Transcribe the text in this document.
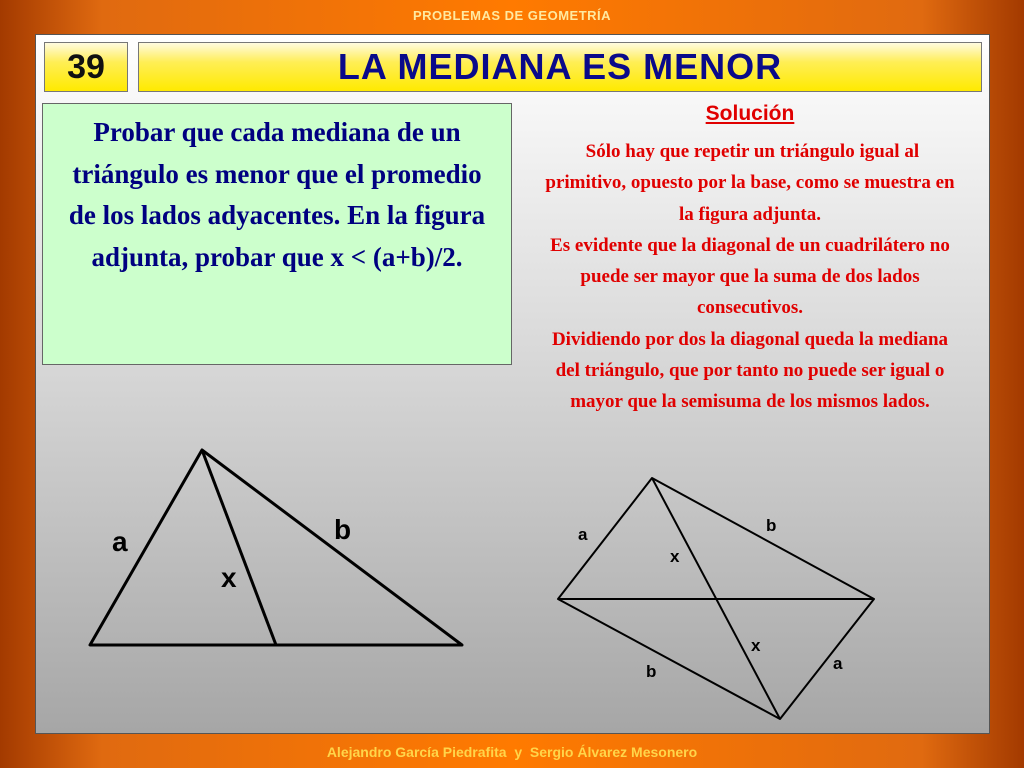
PROBLEMAS DE GEOMETRÍA
39	LA MEDIANA ES MENOR
Probar que cada mediana de un triángulo es menor que el promedio de los lados adyacentes. En la figura adjunta, probar que x < (a+b)/2.
Solución

Sólo hay que repetir un triángulo igual al primitivo, opuesto por la base, como se muestra en la figura adjunta.

Es evidente que la diagonal de un cuadrilátero no puede ser mayor que la suma de dos lados consecutivos.

Dividiendo por dos la diagonal queda la mediana del triángulo, que por tanto no puede ser igual o mayor que la semisuma de los mismos lados.

a	b
x
a	b
x
x
b	a
Alejandro García Piedrafita  y  Sergio Álvarez Mesonero
